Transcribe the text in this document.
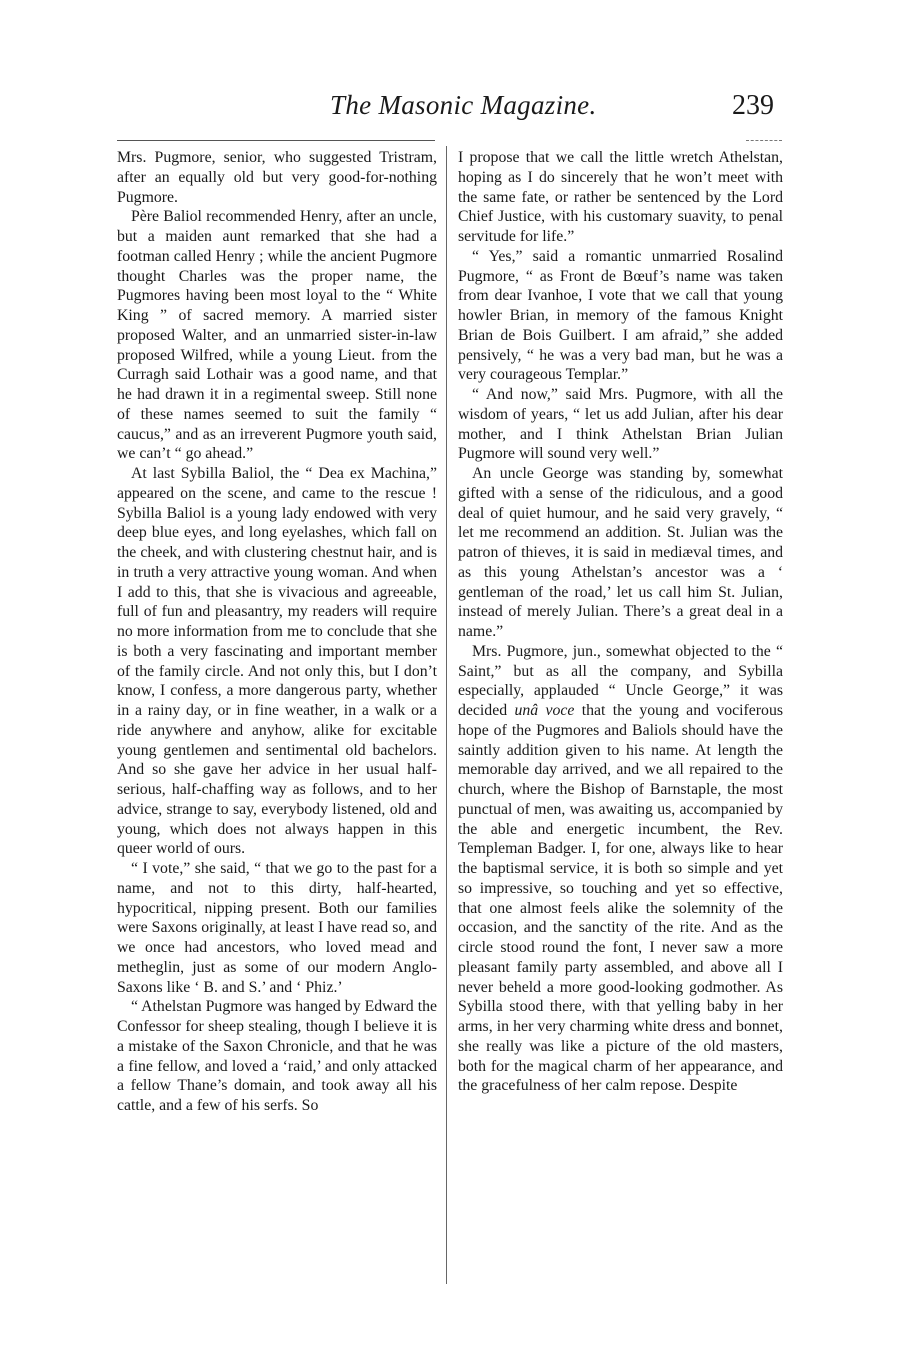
The Masonic Magazine.	239

Mrs. Pugmore, senior, who suggested Tristram, after an equally old but very good-for-nothing Pugmore.

Père Baliol recommended Henry, after an uncle, but a maiden aunt remarked that she had a footman called Henry ; while the ancient Pugmore thought Charles was the proper name, the Pugmores having been most loyal to the “ White King ” of sacred memory. A married sister proposed Walter, and an unmarried sister-in-law proposed Wilfred, while a young Lieut. from the Curragh said Lothair was a good name, and that he had drawn it in a regimental sweep. Still none of these names seemed to suit the family “ caucus,” and as an irreverent Pugmore youth said, we can’t “ go ahead.”

At last Sybilla Baliol, the “ Dea ex Machina,” appeared on the scene, and came to the rescue ! Sybilla Baliol is a young lady endowed with very deep blue eyes, and long eyelashes, which fall on the cheek, and with clustering chestnut hair, and is in truth a very attractive young woman. And when I add to this, that she is vivacious and agreeable, full of fun and pleasantry, my readers will require no more information from me to conclude that she is both a very fascinating and important member of the family circle. And not only this, but I don’t know, I confess, a more dangerous party, whether in a rainy day, or in fine weather, in a walk or a ride anywhere and anyhow, alike for excitable young gentlemen and sentimental old bachelors. And so she gave her advice in her usual half-serious, half-chaffing way as follows, and to her advice, strange to say, everybody listened, old and young, which does not always happen in this queer world of ours.

“ I vote,” she said, “ that we go to the past for a name, and not to this dirty, half-hearted, hypocritical, nipping present. Both our families were Saxons originally, at least I have read so, and we once had ancestors, who loved mead and metheglin, just as some of our modern Anglo-Saxons like ‘ B. and S.’ and ‘ Phiz.’

“ Athelstan Pugmore was hanged by Edward the Confessor for sheep stealing, though I believe it is a mistake of the Saxon Chronicle, and that he was a fine fellow, and loved a ‘raid,’ and only attacked a fellow Thane’s domain, and took away all his cattle, and a few of his serfs. So

I propose that we call the little wretch Athelstan, hoping as I do sincerely that he won’t meet with the same fate, or rather be sentenced by the Lord Chief Justice, with his customary suavity, to penal servitude for life.”

“ Yes,” said a romantic unmarried Rosalind Pugmore, “ as Front de Bœuf’s name was taken from dear Ivanhoe, I vote that we call that young howler Brian, in memory of the famous Knight Brian de Bois Guilbert. I am afraid,” she added pensively, “ he was a very bad man, but he was a very courageous Templar.”

“ And now,” said Mrs. Pugmore, with all the wisdom of years, “ let us add Julian, after his dear mother, and I think Athelstan Brian Julian Pugmore will sound very well.”

An uncle George was standing by, somewhat gifted with a sense of the ridiculous, and a good deal of quiet humour, and he said very gravely, “ let me recommend an addition. St. Julian was the patron of thieves, it is said in mediæval times, and as this young Athelstan’s ancestor was a ‘ gentleman of the road,’ let us call him St. Julian, instead of merely Julian. There’s a great deal in a name.”

Mrs. Pugmore, jun., somewhat objected to the “ Saint,” but as all the company, and Sybilla especially, applauded “ Uncle George,” it was decided unâ voce that the young and vociferous hope of the Pugmores and Baliols should have the saintly addition given to his name. At length the memorable day arrived, and we all repaired to the church, where the Bishop of Barnstaple, the most punctual of men, was awaiting us, accompanied by the able and energetic incumbent, the Rev. Templeman Badger. I, for one, always like to hear the baptismal service, it is both so simple and yet so impressive, so touching and yet so effective, that one almost feels alike the solemnity of the occasion, and the sanctity of the rite. And as the circle stood round the font, I never saw a more pleasant family party assembled, and above all I never beheld a more good-looking godmother. As Sybilla stood there, with that yelling baby in her arms, in her very charming white dress and bonnet, she really was like a picture of the old masters, both for the magical charm of her appearance, and the gracefulness of her calm repose. Despite
